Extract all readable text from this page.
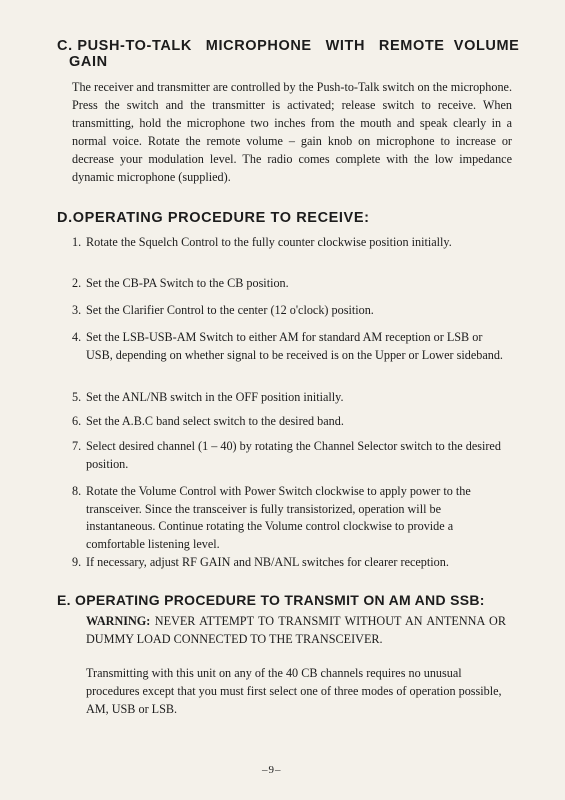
C. PUSH-TO-TALK   MICROPHONE   WITH   REMOTE  VOLUME
GAIN

The receiver and transmitter are controlled by the Push-to-Talk switch on the microphone. Press the switch and the transmitter is activated; release switch to receive. When transmitting, hold the microphone two inches from the mouth and speak clearly in a normal voice. Rotate the remote volume – gain knob on microphone to increase or decrease your modulation level. The radio comes complete with the low impedance dynamic microphone (supplied).

D.OPERATING PROCEDURE TO RECEIVE:

1. Rotate the Squelch Control to the fully counter clockwise position initially.

2. Set the CB-PA Switch to the CB position.

3. Set the Clarifier Control to the center (12 o'clock) position.

4. Set the LSB-USB-AM Switch to either AM for standard AM reception or LSB or USB, depending on whether signal to be received is on the Upper or Lower sideband.

5. Set the ANL/NB switch in the OFF position initially.

6. Set the A.B.C band select switch to the desired band.

7. Select desired channel (1 – 40) by rotating the Channel Selector switch to the desired position.

8. Rotate the Volume Control with Power Switch clockwise to apply power to the transceiver. Since the transceiver is fully transistorized, operation will be instantaneous. Continue rotating the Volume control clockwise to provide a comfortable listening level.

9. If necessary, adjust RF GAIN and NB/ANL switches for clearer reception.

E. OPERATING PROCEDURE TO TRANSMIT ON AM AND SSB:

WARNING: NEVER ATTEMPT TO TRANSMIT WITHOUT AN ANTENNA OR DUMMY LOAD CONNECTED TO THE TRANSCEIVER.

Transmitting with this unit on any of the 40 CB channels requires no unusual procedures except that you must first select one of three modes of operation possible, AM, USB or LSB.

–9–
